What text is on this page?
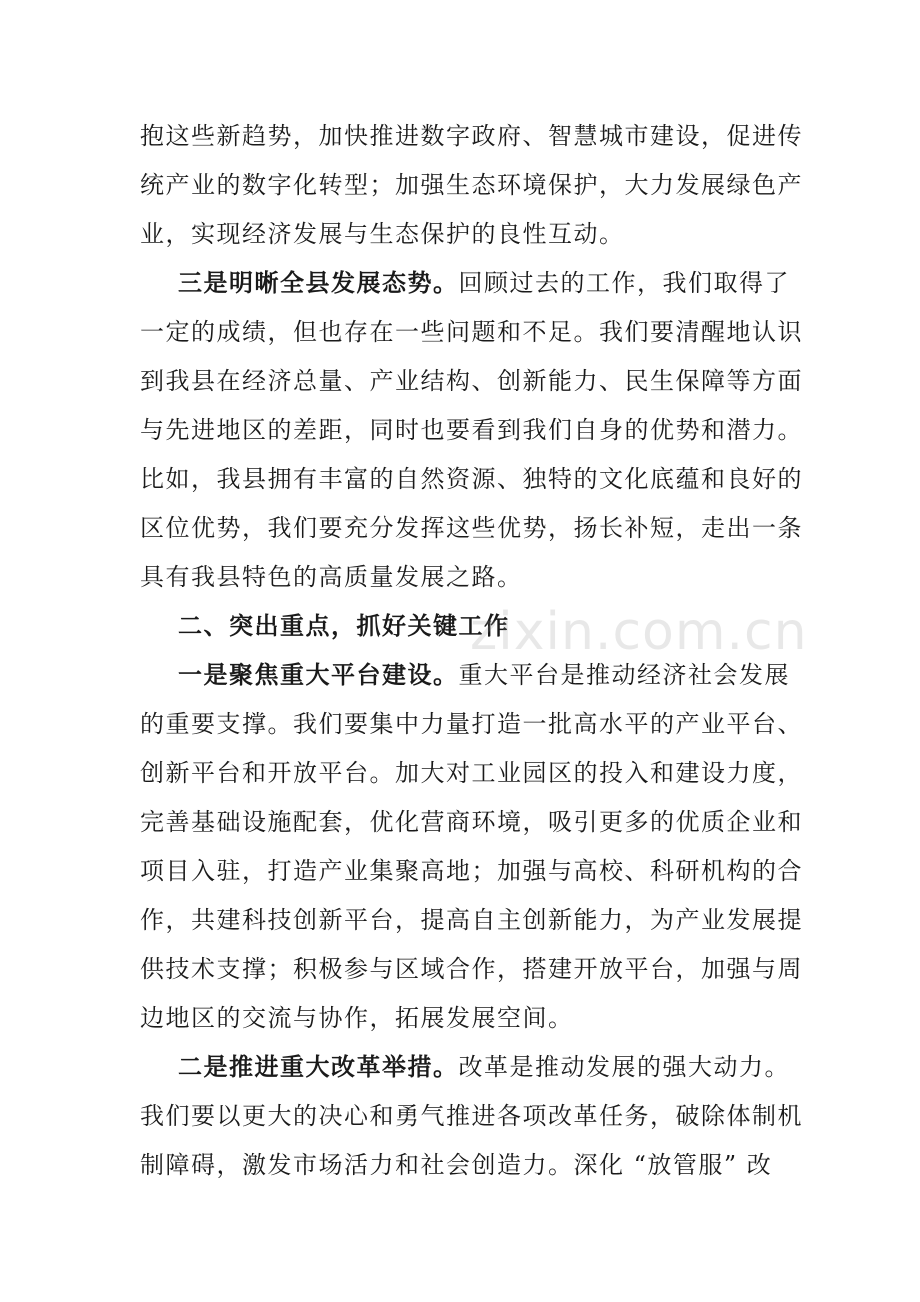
抱这些新趋势，加快推进数字政府、智慧城市建设，促进传
统产业的数字化转型；加强生态环境保护，大力发展绿色产
业，实现经济发展与生态保护的良性互动。
三是明晰全县发展态势。回顾过去的工作，我们取得了
一定的成绩，但也存在一些问题和不足。我们要清醒地认识
到我县在经济总量、产业结构、创新能力、民生保障等方面
与先进地区的差距，同时也要看到我们自身的优势和潜力。
比如，我县拥有丰富的自然资源、独特的文化底蕴和良好的
区位优势，我们要充分发挥这些优势，扬长补短，走出一条
具有我县特色的高质量发展之路。
二、突出重点，抓好关键工作
一是聚焦重大平台建设。重大平台是推动经济社会发展
的重要支撑。我们要集中力量打造一批高水平的产业平台、
创新平台和开放平台。加大对工业园区的投入和建设力度，
完善基础设施配套，优化营商环境，吸引更多的优质企业和
项目入驻，打造产业集聚高地；加强与高校、科研机构的合
作，共建科技创新平台，提高自主创新能力，为产业发展提
供技术支撑；积极参与区域合作，搭建开放平台，加强与周
边地区的交流与协作，拓展发展空间。
二是推进重大改革举措。改革是推动发展的强大动力。
我们要以更大的决心和勇气推进各项改革任务，破除体制机
制障碍，激发市场活力和社会创造力。深化 “放管服” 改
zixin.com.cn
